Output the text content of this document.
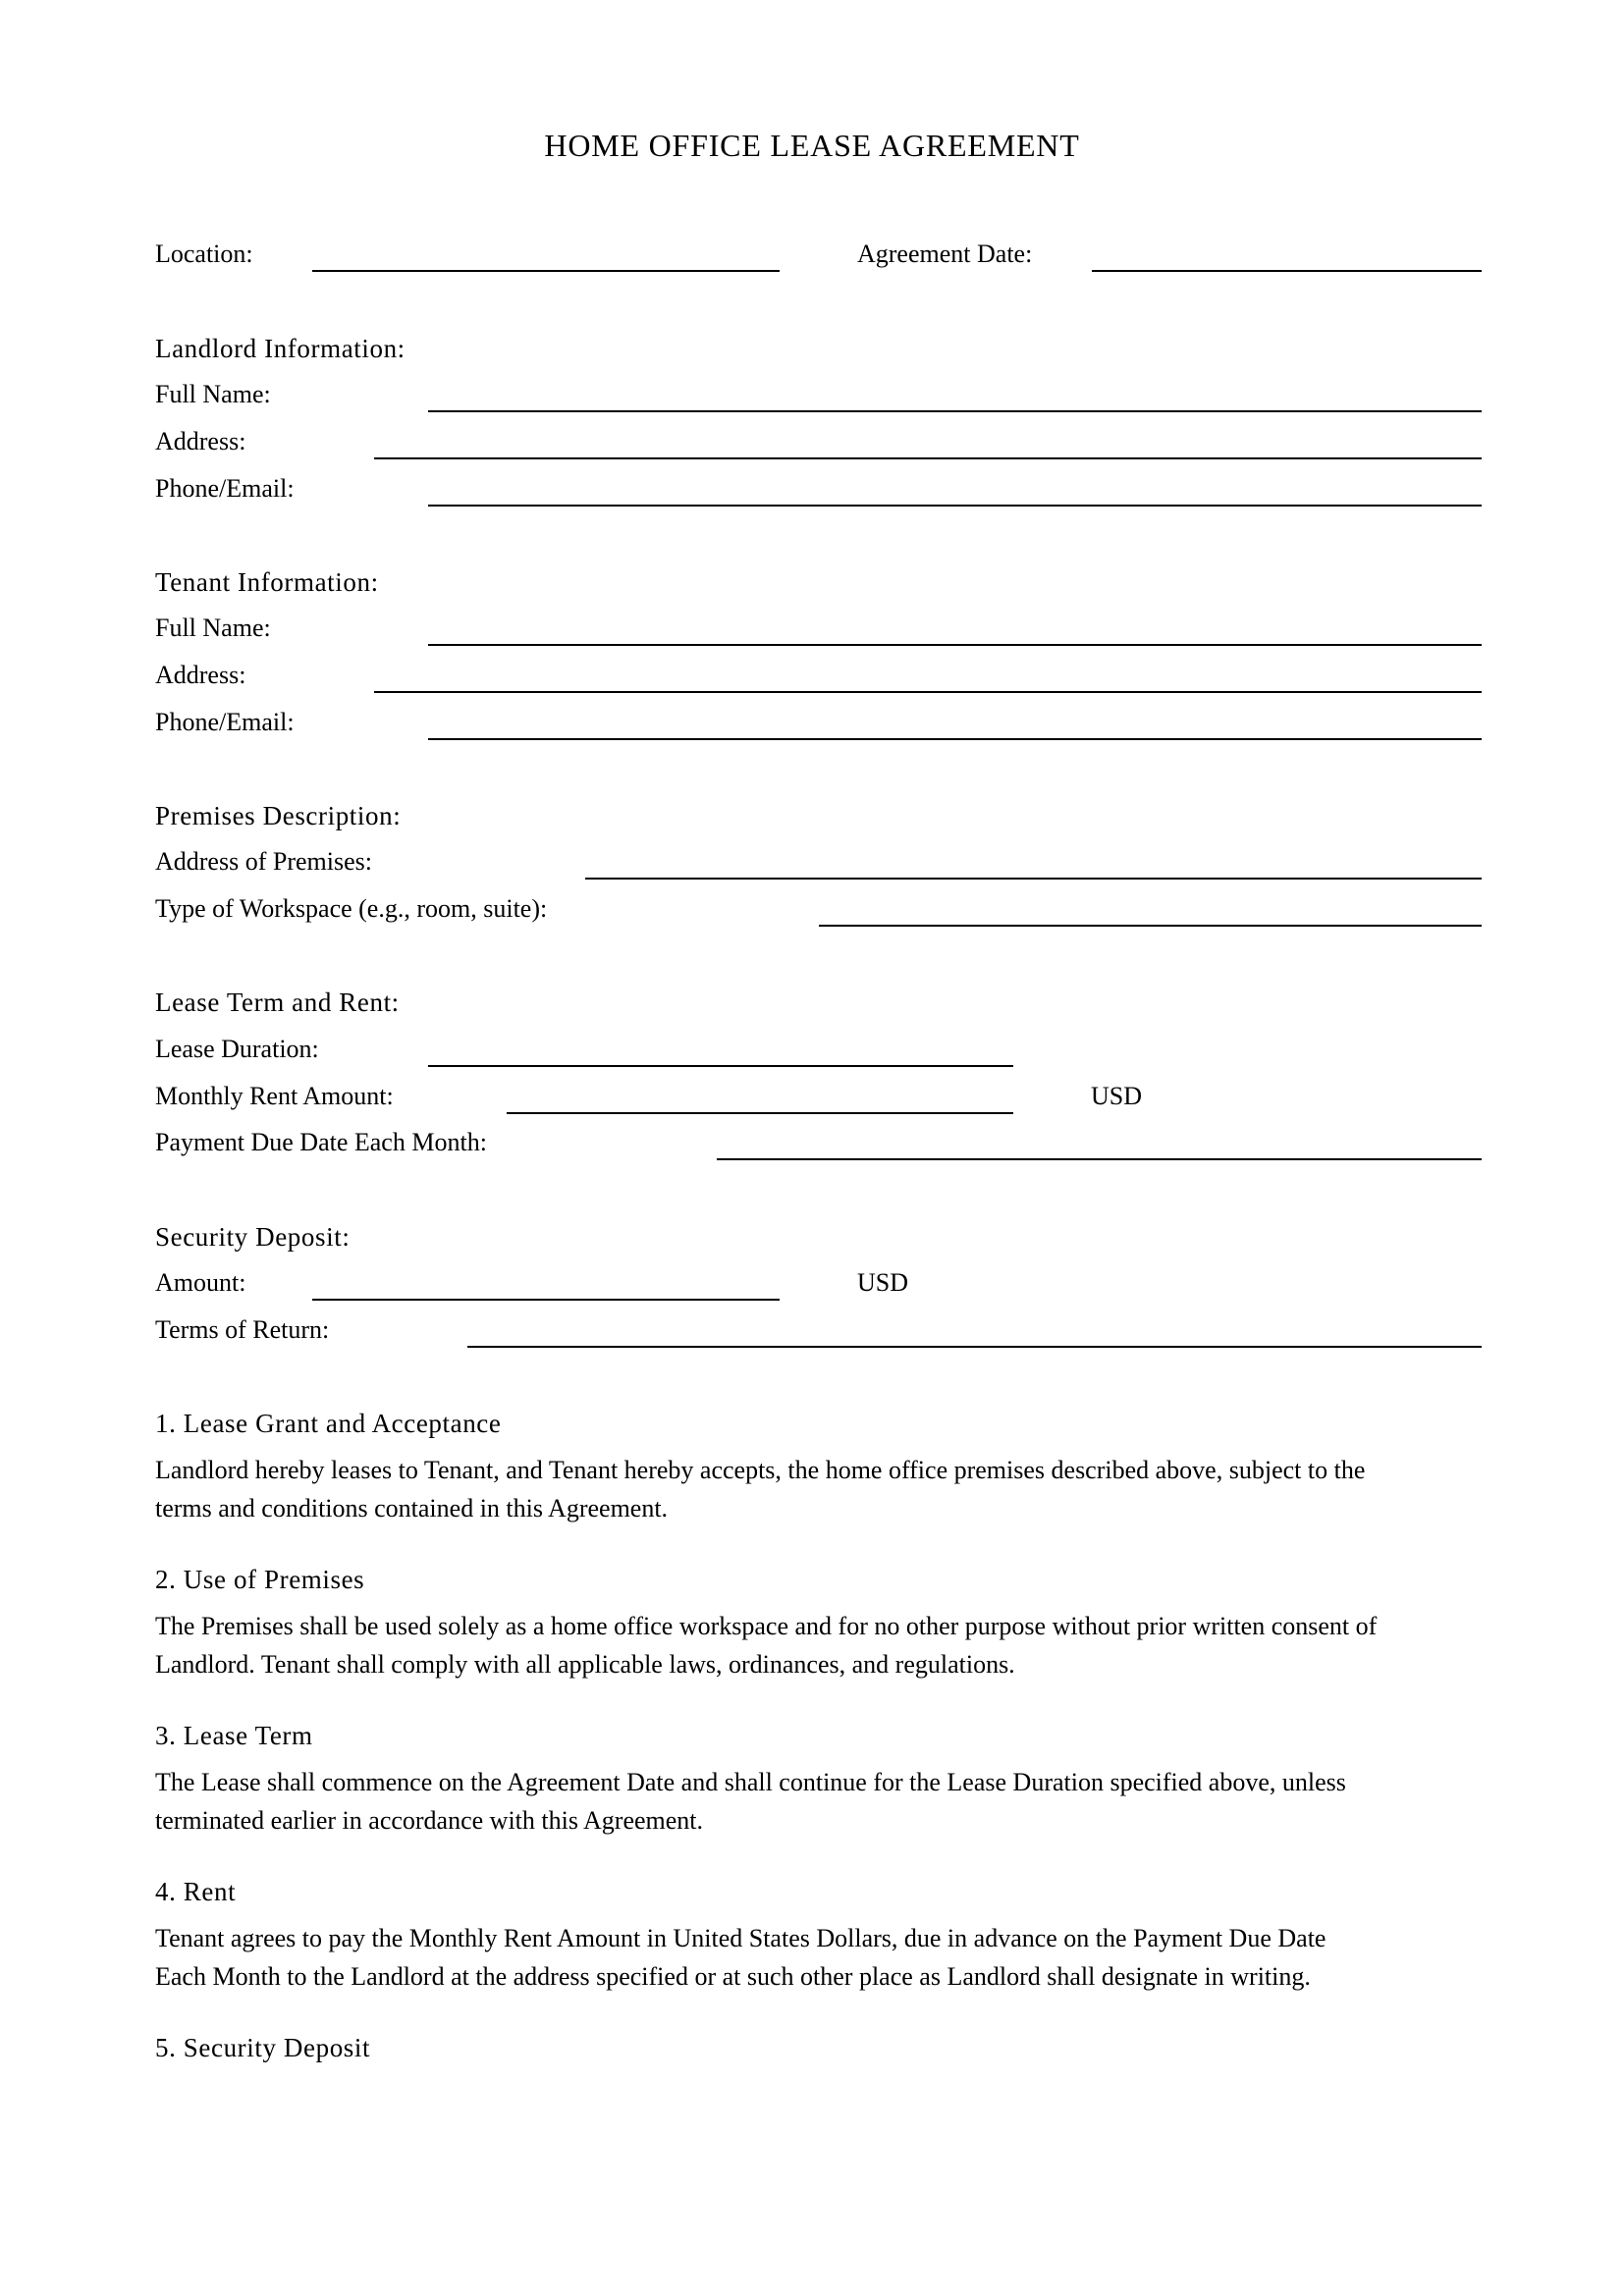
HOME OFFICE LEASE AGREEMENT
Location:	Agreement Date:
Landlord Information:
Full Name:
Address:
Phone/Email:
Tenant Information:
Full Name:
Address:
Phone/Email:
Premises Description:
Address of Premises:
Type of Workspace (e.g., room, suite):
Lease Term and Rent:
Lease Duration:
Monthly Rent Amount:	USD
Payment Due Date Each Month:
Security Deposit:
Amount:	USD
Terms of Return:
1. Lease Grant and Acceptance
Landlord hereby leases to Tenant, and Tenant hereby accepts, the home office premises described above, subject to the
terms and conditions contained in this Agreement.
2. Use of Premises
The Premises shall be used solely as a home office workspace and for no other purpose without prior written consent of
Landlord. Tenant shall comply with all applicable laws, ordinances, and regulations.
3. Lease Term
The Lease shall commence on the Agreement Date and shall continue for the Lease Duration specified above, unless
terminated earlier in accordance with this Agreement.
4. Rent
Tenant agrees to pay the Monthly Rent Amount in United States Dollars, due in advance on the Payment Due Date
Each Month to the Landlord at the address specified or at such other place as Landlord shall designate in writing.
5. Security Deposit
